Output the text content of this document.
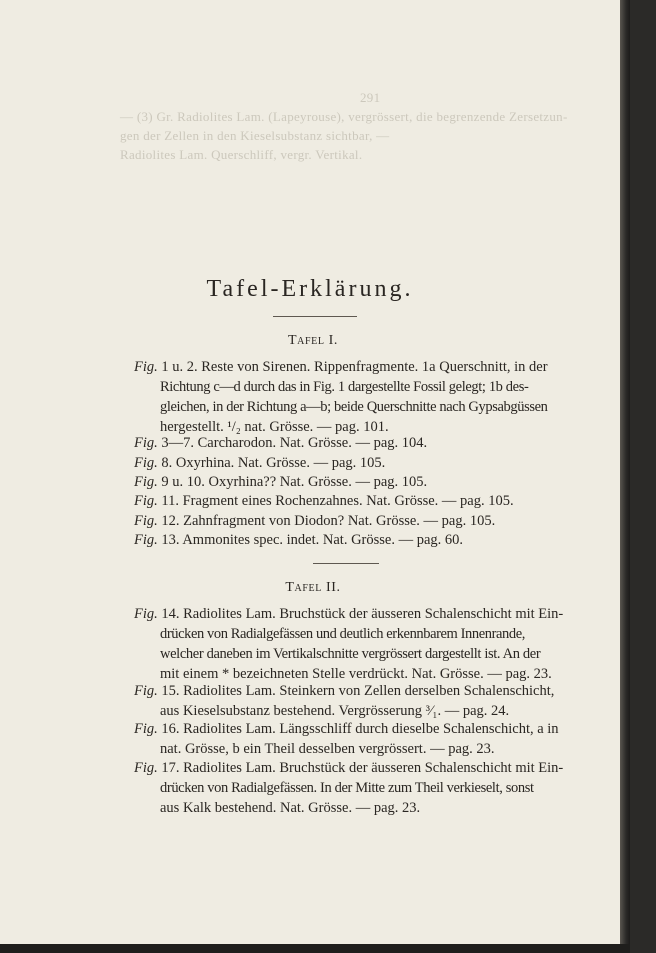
291
— (3) Gr. Radiolites Lam. (Lapeyrouse), vergrössert, die begrenzende Zersetzun-
gen der Zellen in den Kieselsubstanz sichtbar, —
Radiolites Lam. Querschliff, vergr. Vertikal.
Tafel-Erklärung.
Tafel I.
Fig. 1 u. 2. Reste von Sirenen. Rippenfragmente. 1a Querschnitt, in der
Richtung c—d durch das in Fig. 1 dargestellte Fossil gelegt; 1b des-
gleichen, in der Richtung a—b; beide Querschnitte nach Gypsabgüssen
hergestellt. ¹/₂ nat. Grösse. — pag. 101.
Fig. 3—7. Carcharodon. Nat. Grösse. — pag. 104.
Fig. 8. Oxyrhina. Nat. Grösse. — pag. 105.
Fig. 9 u. 10. Oxyrhina?? Nat. Grösse. — pag. 105.
Fig. 11. Fragment eines Rochenzahnes. Nat. Grösse. — pag. 105.
Fig. 12. Zahnfragment von Diodon? Nat. Grösse. — pag. 105.
Fig. 13. Ammonites spec. indet. Nat. Grösse. — pag. 60.
Tafel II.
Fig. 14. Radiolites Lam. Bruchstück der äusseren Schalenschicht mit Ein-
drücken von Radialgefässen und deutlich erkennbarem Innenrande,
welcher daneben im Vertikalschnitte vergrössert dargestellt ist. An der
mit einem * bezeichneten Stelle verdrückt. Nat. Grösse. — pag. 23.
Fig. 15. Radiolites Lam. Steinkern von Zellen derselben Schalenschicht,
aus Kieselsubstanz bestehend. Vergrösserung ³⁄₁. — pag. 24.
Fig. 16. Radiolites Lam. Längsschliff durch dieselbe Schalenschicht, a in
nat. Grösse, b ein Theil desselben vergrössert. — pag. 23.
Fig. 17. Radiolites Lam. Bruchstück der äusseren Schalenschicht mit Ein-
drücken von Radialgefässen. In der Mitte zum Theil verkieselt, sonst
aus Kalk bestehend. Nat. Grösse. — pag. 23.
